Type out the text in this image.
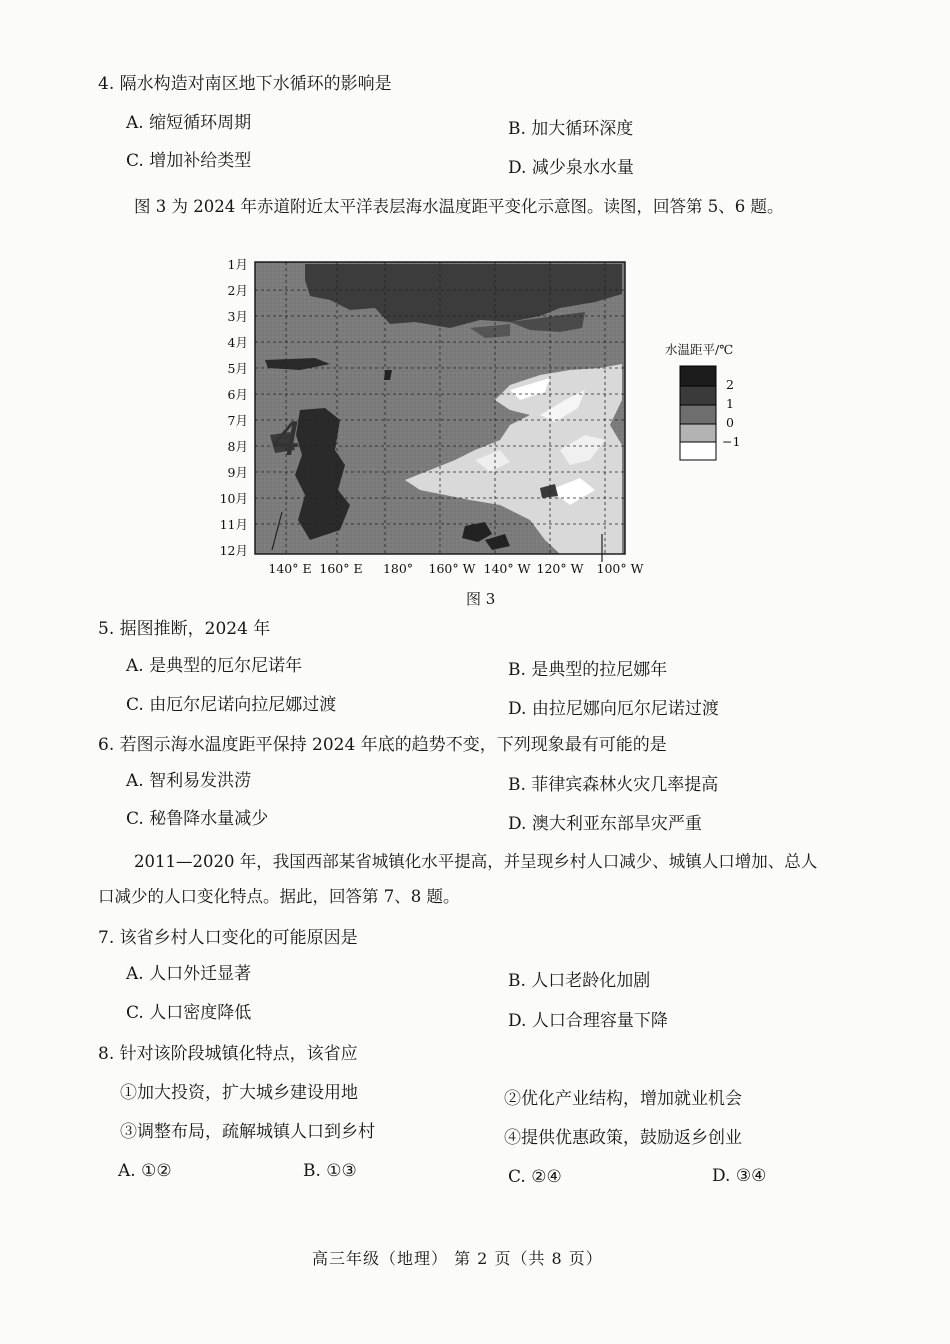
4. 隔水构造对南区地下水循环的影响是
A. 缩短循环周期	B. 加大循环深度
C. 增加补给类型	D. 减少泉水水量
图 3 为 2024 年赤道附近太平洋表层海水温度距平变化示意图。读图，回答第 5、6 题。
1月
2月
3月
4月
5月
6月
7月
8月
9月
10月
11月
12月
140° E 160° E 180° 160° W 140° W 120° W 100° W
4
水温距平/℃
2
1
0
−1
图 3
5. 据图推断，2024 年
A. 是典型的厄尔尼诺年	B. 是典型的拉尼娜年
C. 由厄尔尼诺向拉尼娜过渡	D. 由拉尼娜向厄尔尼诺过渡
6. 若图示海水温度距平保持 2024 年底的趋势不变，下列现象最有可能的是
A. 智利易发洪涝	B. 菲律宾森林火灾几率提高
C. 秘鲁降水量减少	D. 澳大利亚东部旱灾严重
2011—2020 年，我国西部某省城镇化水平提高，并呈现乡村人口减少、城镇人口增加、总人
口减少的人口变化特点。据此，回答第 7、8 题。
7. 该省乡村人口变化的可能原因是
A. 人口外迁显著	B. 人口老龄化加剧
C. 人口密度降低	D. 人口合理容量下降
8. 针对该阶段城镇化特点，该省应
①加大投资，扩大城乡建设用地	②优化产业结构，增加就业机会
③调整布局，疏解城镇人口到乡村	④提供优惠政策，鼓励返乡创业
A. ①②	B. ①③	C. ②④	D. ③④
高三年级（地理） 第 2 页（共 8 页）
